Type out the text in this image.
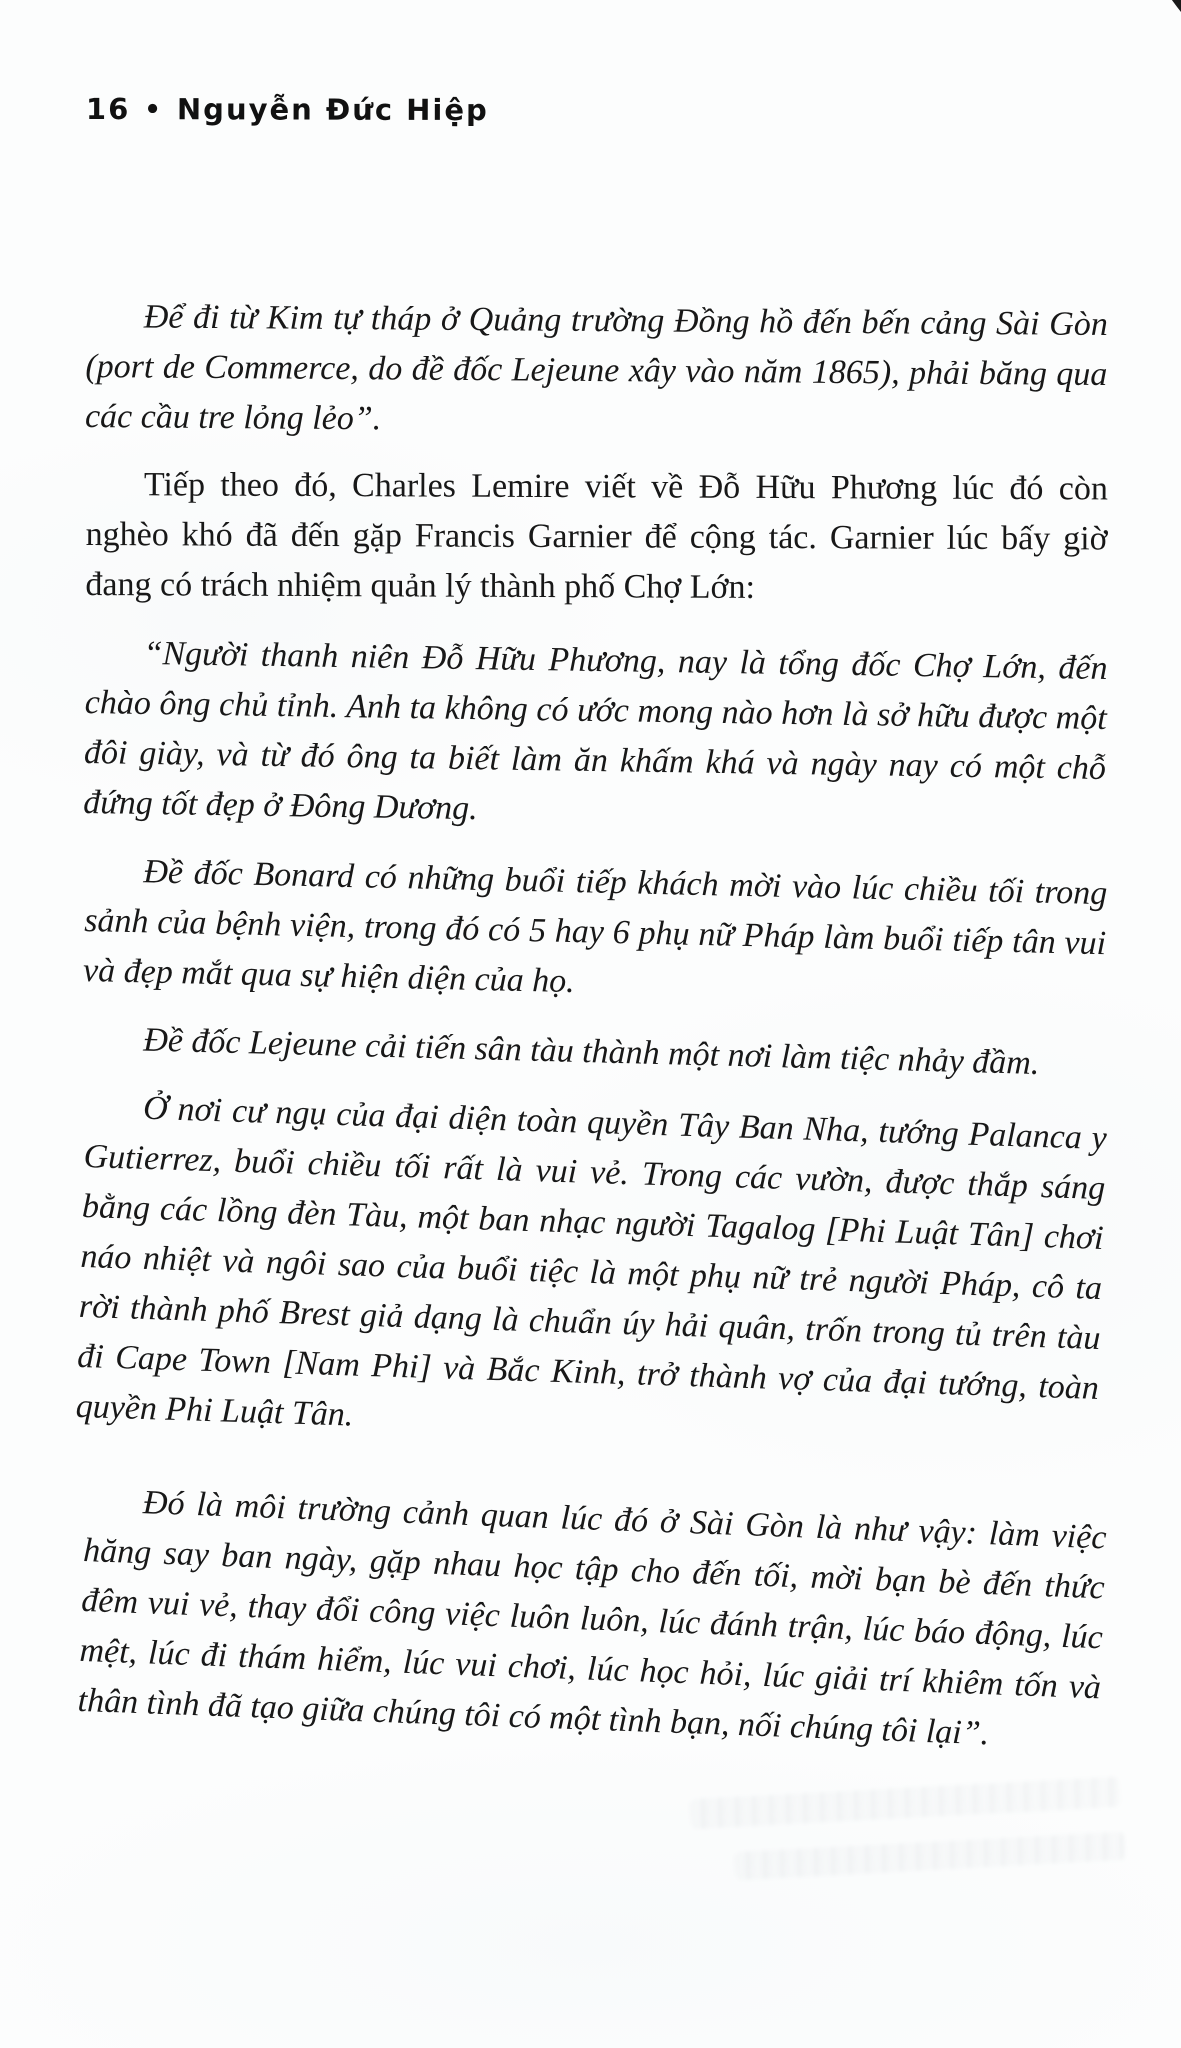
16 • Nguyễn Đức Hiệp

Để đi từ Kim tự tháp ở Quảng trường Đồng hồ đến bến cảng Sài Gòn (port de Commerce, do đề đốc Lejeune xây vào năm 1865), phải băng qua các cầu tre lỏng lẻo”.

Tiếp theo đó, Charles Lemire viết về Đỗ Hữu Phương lúc đó còn nghèo khó đã đến gặp Francis Garnier để cộng tác. Garnier lúc bấy giờ đang có trách nhiệm quản lý thành phố Chợ Lớn:

“Người thanh niên Đỗ Hữu Phương, nay là tổng đốc Chợ Lớn, đến chào ông chủ tỉnh. Anh ta không có ước mong nào hơn là sở hữu được một đôi giày, và từ đó ông ta biết làm ăn khấm khá và ngày nay có một chỗ đứng tốt đẹp ở Đông Dương.

Đề đốc Bonard có những buổi tiếp khách mời vào lúc chiều tối trong sảnh của bệnh viện, trong đó có 5 hay 6 phụ nữ Pháp làm buổi tiếp tân vui và đẹp mắt qua sự hiện diện của họ.

Đề đốc Lejeune cải tiến sân tàu thành một nơi làm tiệc nhảy đầm.

Ở nơi cư ngụ của đại diện toàn quyền Tây Ban Nha, tướng Palanca y Gutierrez, buổi chiều tối rất là vui vẻ. Trong các vườn, được thắp sáng bằng các lồng đèn Tàu, một ban nhạc người Tagalog [Phi Luật Tân] chơi náo nhiệt và ngôi sao của buổi tiệc là một phụ nữ trẻ người Pháp, cô ta rời thành phố Brest giả dạng là chuẩn úy hải quân, trốn trong tủ trên tàu đi Cape Town [Nam Phi] và Bắc Kinh, trở thành vợ của đại tướng, toàn quyền Phi Luật Tân.

Đó là môi trường cảnh quan lúc đó ở Sài Gòn là như vậy: làm việc hăng say ban ngày, gặp nhau học tập cho đến tối, mời bạn bè đến thức đêm vui vẻ, thay đổi công việc luôn luôn, lúc đánh trận, lúc báo động, lúc mệt, lúc đi thám hiểm, lúc vui chơi, lúc học hỏi, lúc giải trí khiêm tốn và thân tình đã tạo giữa chúng tôi có một tình bạn, nối chúng tôi lại”.
